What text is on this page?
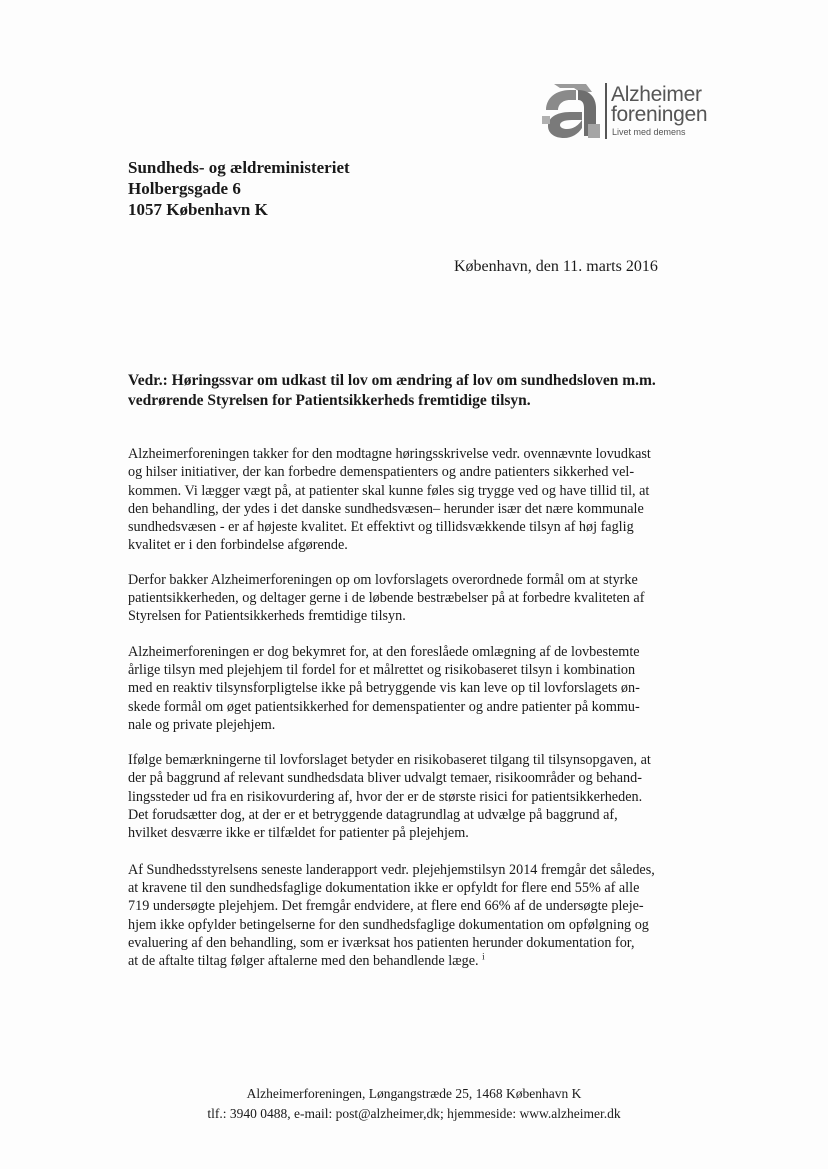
Alzheimer
foreningen
Livet med demens
Sundheds- og ældreministeriet
Holbergsgade 6
1057 København K
København, den 11. marts 2016
Vedr.: Høringssvar om udkast til lov om ændring af lov om sundhedsloven m.m.
vedrørende Styrelsen for Patientsikkerheds fremtidige tilsyn.
Alzheimerforeningen takker for den modtagne høringsskrivelse vedr. ovennævnte lovudkast
og hilser initiativer, der kan forbedre demenspatienters og andre patienters sikkerhed vel-
kommen. Vi lægger vægt på, at patienter skal kunne føles sig trygge ved og have tillid til, at
den behandling, der ydes i det danske sundhedsvæsen– herunder især det nære kommunale
sundhedsvæsen - er af højeste kvalitet. Et effektivt og tillidsvækkende tilsyn af høj faglig
kvalitet er i den forbindelse afgørende.
Derfor bakker Alzheimerforeningen op om lovforslagets overordnede formål om at styrke
patientsikkerheden, og deltager gerne i de løbende bestræbelser på at forbedre kvaliteten af
Styrelsen for Patientsikkerheds fremtidige tilsyn.
Alzheimerforeningen er dog bekymret for, at den foreslåede omlægning af de lovbestemte
årlige tilsyn med plejehjem til fordel for et målrettet og risikobaseret tilsyn i kombination
med en reaktiv tilsynsforpligtelse ikke på betryggende vis kan leve op til lovforslagets øn-
skede formål om øget patientsikkerhed for demenspatienter og andre patienter på kommu-
nale og private plejehjem.
Ifølge bemærkningerne til lovforslaget betyder en risikobaseret tilgang til tilsynsopgaven, at
der på baggrund af relevant sundhedsdata bliver udvalgt temaer, risikoområder og behand-
lingssteder ud fra en risikovurdering af, hvor der er de største risici for patientsikkerheden.
Det forudsætter dog, at der er et betryggende datagrundlag at udvælge på baggrund af,
hvilket desværre ikke er tilfældet for patienter på plejehjem.
Af Sundhedsstyrelsens seneste landerapport vedr. plejehjemstilsyn 2014 fremgår det således,
at kravene til den sundhedsfaglige dokumentation ikke er opfyldt for flere end 55% af alle
719 undersøgte plejehjem. Det fremgår endvidere, at flere end 66% af de undersøgte pleje-
hjem ikke opfylder betingelserne for den sundhedsfaglige dokumentation om opfølgning og
evaluering af den behandling, som er iværksat hos patienten herunder dokumentation for,
at de aftalte tiltag følger aftalerne med den behandlende læge. $^i$
Alzheimerforeningen, Løngangstræde 25, 1468 København K
tlf.: 3940 0488, e-mail: post@alzheimer,dk; hjemmeside: www.alzheimer.dk
